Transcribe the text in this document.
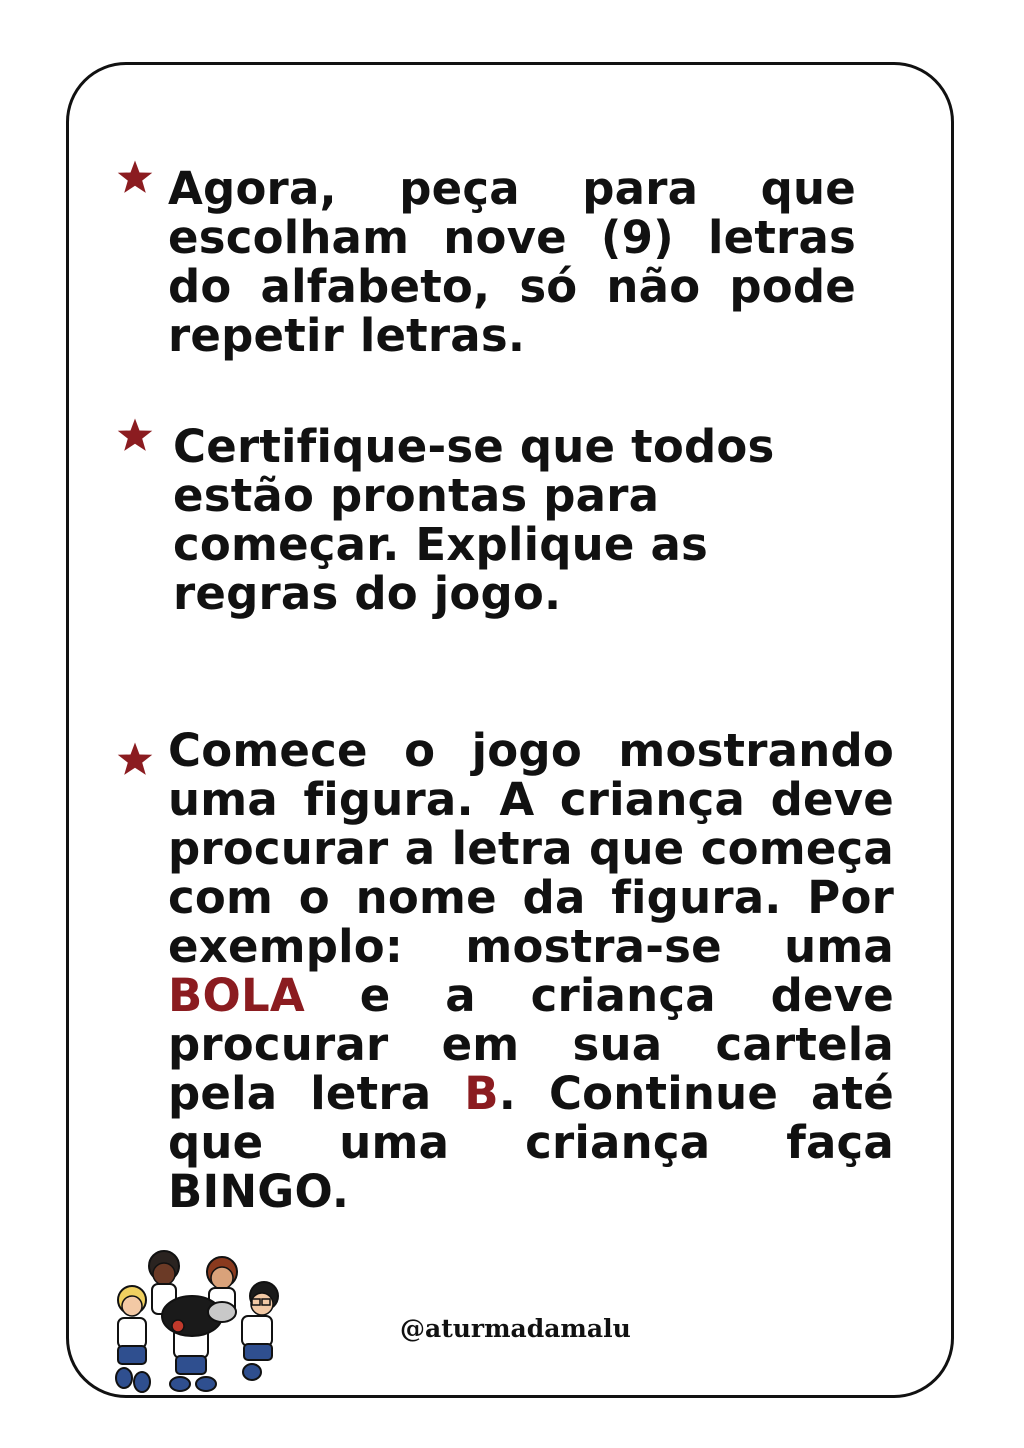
Agora, peça para que escolham nove (9) letras do alfabeto, só não pode repetir letras.

Certifique-se que todos estão prontas para começar. Explique as regras do jogo.

Comece o jogo mostrando uma figura. A criança deve procurar a letra que começa com o nome da figura. Por exemplo: mostra-se uma BOLA e a criança deve procurar em sua cartela pela letra B. Continue até que uma criança faça BINGO.

@aturmadamalu
